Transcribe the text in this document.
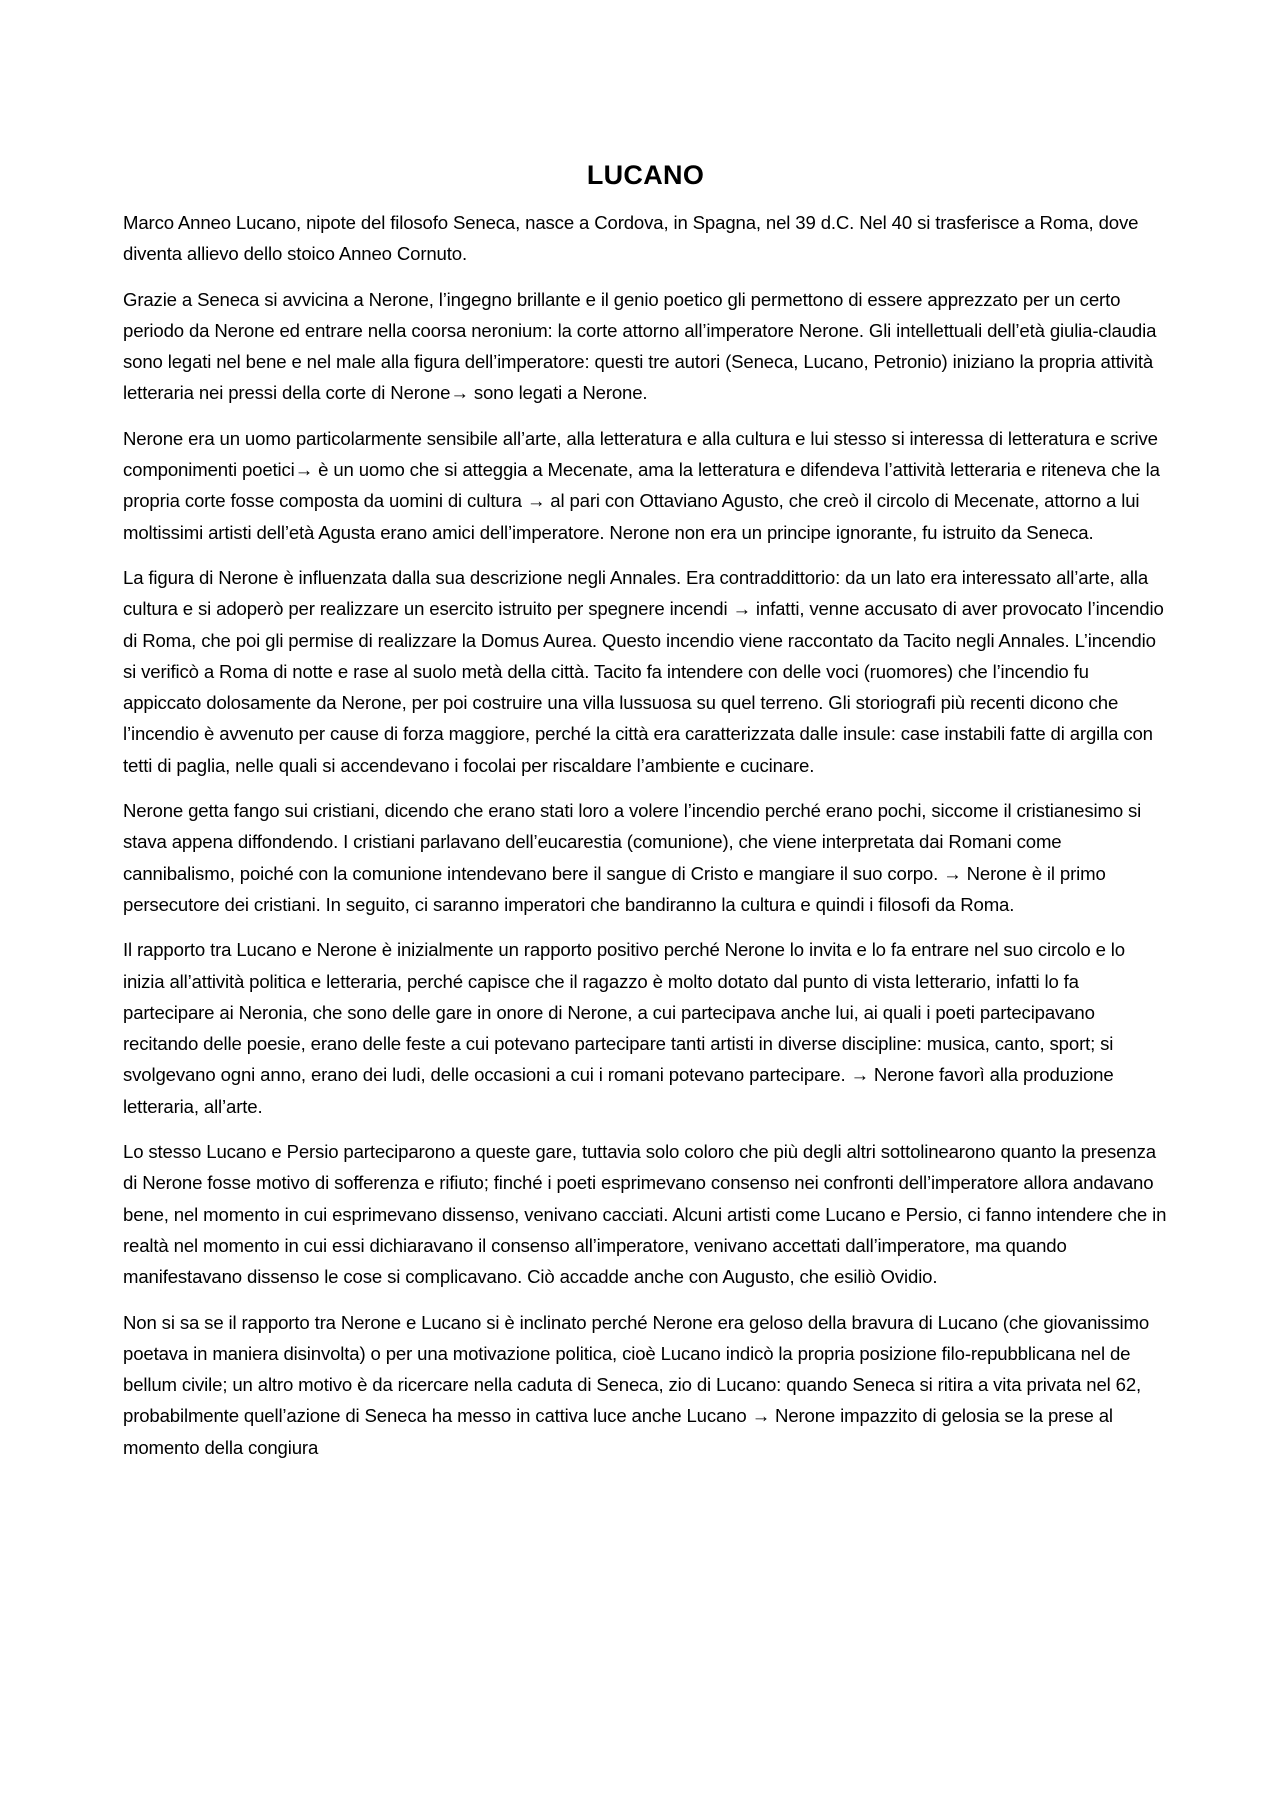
LUCANO

Marco Anneo Lucano, nipote del filosofo Seneca, nasce a Cordova, in Spagna, nel 39 d.C. Nel 40 si trasferisce a Roma, dove diventa allievo dello stoico Anneo Cornuto.

Grazie a Seneca si avvicina a Nerone, l’ingegno brillante e il genio poetico gli permettono di essere apprezzato per un certo periodo da Nerone ed entrare nella coorsa neronium: la corte attorno all’imperatore Nerone. Gli intellettuali dell’età giulia-claudia sono legati nel bene e nel male alla figura dell’imperatore: questi tre autori (Seneca, Lucano, Petronio) iniziano la propria attività letteraria nei pressi della corte di Nerone→ sono legati a Nerone.

Nerone era un uomo particolarmente sensibile all’arte, alla letteratura e alla cultura e lui stesso si interessa di letteratura e scrive componimenti poetici→ è un uomo che si atteggia a Mecenate, ama la letteratura e difendeva l’attività letteraria e riteneva che la propria corte fosse composta da uomini di cultura → al pari con Ottaviano Agusto, che creò il circolo di Mecenate, attorno a lui moltissimi artisti dell’età Agusta erano amici dell’imperatore. Nerone non era un principe ignorante, fu istruito da Seneca.

La figura di Nerone è influenzata dalla sua descrizione negli Annales. Era contraddittorio: da un lato era interessato all’arte, alla cultura e si adoperò per realizzare un esercito istruito per spegnere incendi → infatti, venne accusato di aver provocato l’incendio di Roma, che poi gli permise di realizzare la Domus Aurea. Questo incendio viene raccontato da Tacito negli Annales. L’incendio si verificò a Roma di notte e rase al suolo metà della città. Tacito fa intendere con delle voci (ruomores) che l’incendio fu appiccato dolosamente da Nerone, per poi costruire una villa lussuosa su quel terreno. Gli storiografi più recenti dicono che l’incendio è avvenuto per cause di forza maggiore, perché la città era caratterizzata dalle insule: case instabili fatte di argilla con tetti di paglia, nelle quali si accendevano i focolai per riscaldare l’ambiente e cucinare.

Nerone getta fango sui cristiani, dicendo che erano stati loro a volere l’incendio perché erano pochi, siccome il cristianesimo si stava appena diffondendo. I cristiani parlavano dell’eucarestia (comunione), che viene interpretata dai Romani come cannibalismo, poiché con la comunione intendevano bere il sangue di Cristo e mangiare il suo corpo. → Nerone è il primo persecutore dei cristiani. In seguito, ci saranno imperatori che bandiranno la cultura e quindi i filosofi da Roma.

Il rapporto tra Lucano e Nerone è inizialmente un rapporto positivo perché Nerone lo invita e lo fa entrare nel suo circolo e lo inizia all’attività politica e letteraria, perché capisce che il ragazzo è molto dotato dal punto di vista letterario, infatti lo fa partecipare ai Neronia, che sono delle gare in onore di Nerone, a cui partecipava anche lui, ai quali i poeti partecipavano recitando delle poesie, erano delle feste a cui potevano partecipare tanti artisti in diverse discipline: musica, canto, sport; si svolgevano ogni anno, erano dei ludi, delle occasioni a cui i romani potevano partecipare. → Nerone favorì alla produzione letteraria, all’arte.

Lo stesso Lucano e Persio parteciparono a queste gare, tuttavia solo coloro che più degli altri sottolinearono quanto la presenza di Nerone fosse motivo di sofferenza e rifiuto; finché i poeti esprimevano consenso nei confronti dell’imperatore allora andavano bene, nel momento in cui esprimevano dissenso, venivano cacciati. Alcuni artisti come Lucano e Persio, ci fanno intendere che in realtà nel momento in cui essi dichiaravano il consenso all’imperatore, venivano accettati dall’imperatore, ma quando manifestavano dissenso le cose si complicavano. Ciò accadde anche con Augusto, che esiliò Ovidio.

Non si sa se il rapporto tra Nerone e Lucano si è inclinato perché Nerone era geloso della bravura di Lucano (che giovanissimo poetava in maniera disinvolta) o per una motivazione politica, cioè Lucano indicò la propria posizione filo-repubblicana nel de bellum civile; un altro motivo è da ricercare nella caduta di Seneca, zio di Lucano: quando Seneca si ritira a vita privata nel 62, probabilmente quell’azione di Seneca ha messo in cattiva luce anche Lucano → Nerone impazzito di gelosia se la prese al momento della congiura
